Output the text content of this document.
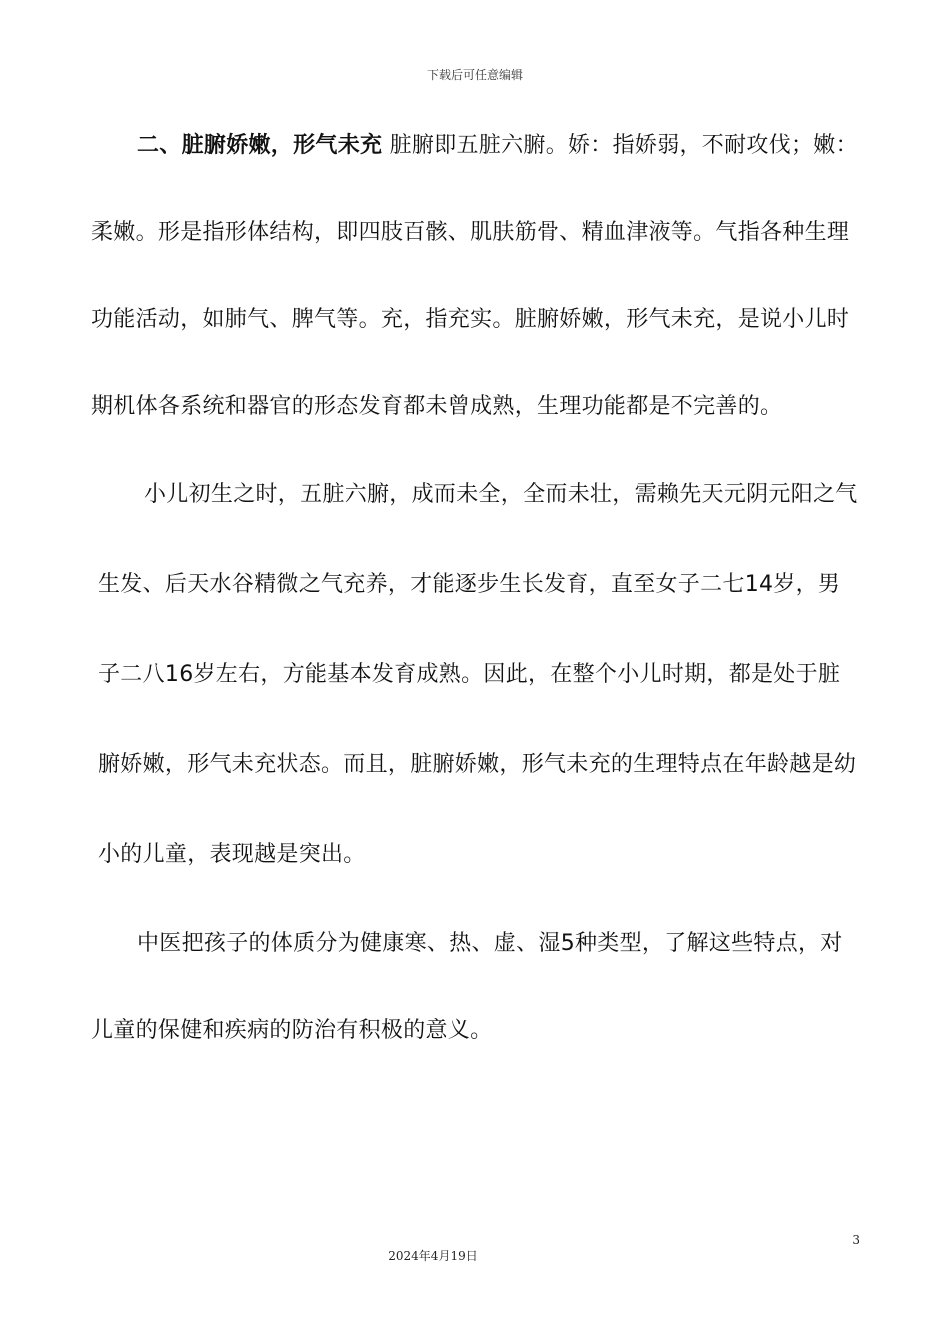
下载后可任意编辑

二、脏腑娇嫩，形气未充 脏腑即五脏六腑。娇：指娇弱，不耐攻伐；嫩：柔嫩。形是指形体结构，即四肢百骸、肌肤筋骨、精血津液等。气指各种生理功能活动，如肺气、脾气等。充，指充实。脏腑娇嫩，形气未充，是说小儿时期机体各系统和器官的形态发育都未曾成熟，生理功能都是不完善的。

小儿初生之时，五脏六腑，成而未全，全而未壮，需赖先天元阴元阳之气生发、后天水谷精微之气充养，才能逐步生长发育，直至女子二七14岁，男子二八16岁左右，方能基本发育成熟。因此，在整个小儿时期，都是处于脏腑娇嫩，形气未充状态。而且，脏腑娇嫩，形气未充的生理特点在年龄越是幼小的儿童，表现越是突出。

中医把孩子的体质分为健康寒、热、虚、湿5种类型，了解这些特点，对儿童的保健和疾病的防治有积极的意义。

3
2024年4月19日
